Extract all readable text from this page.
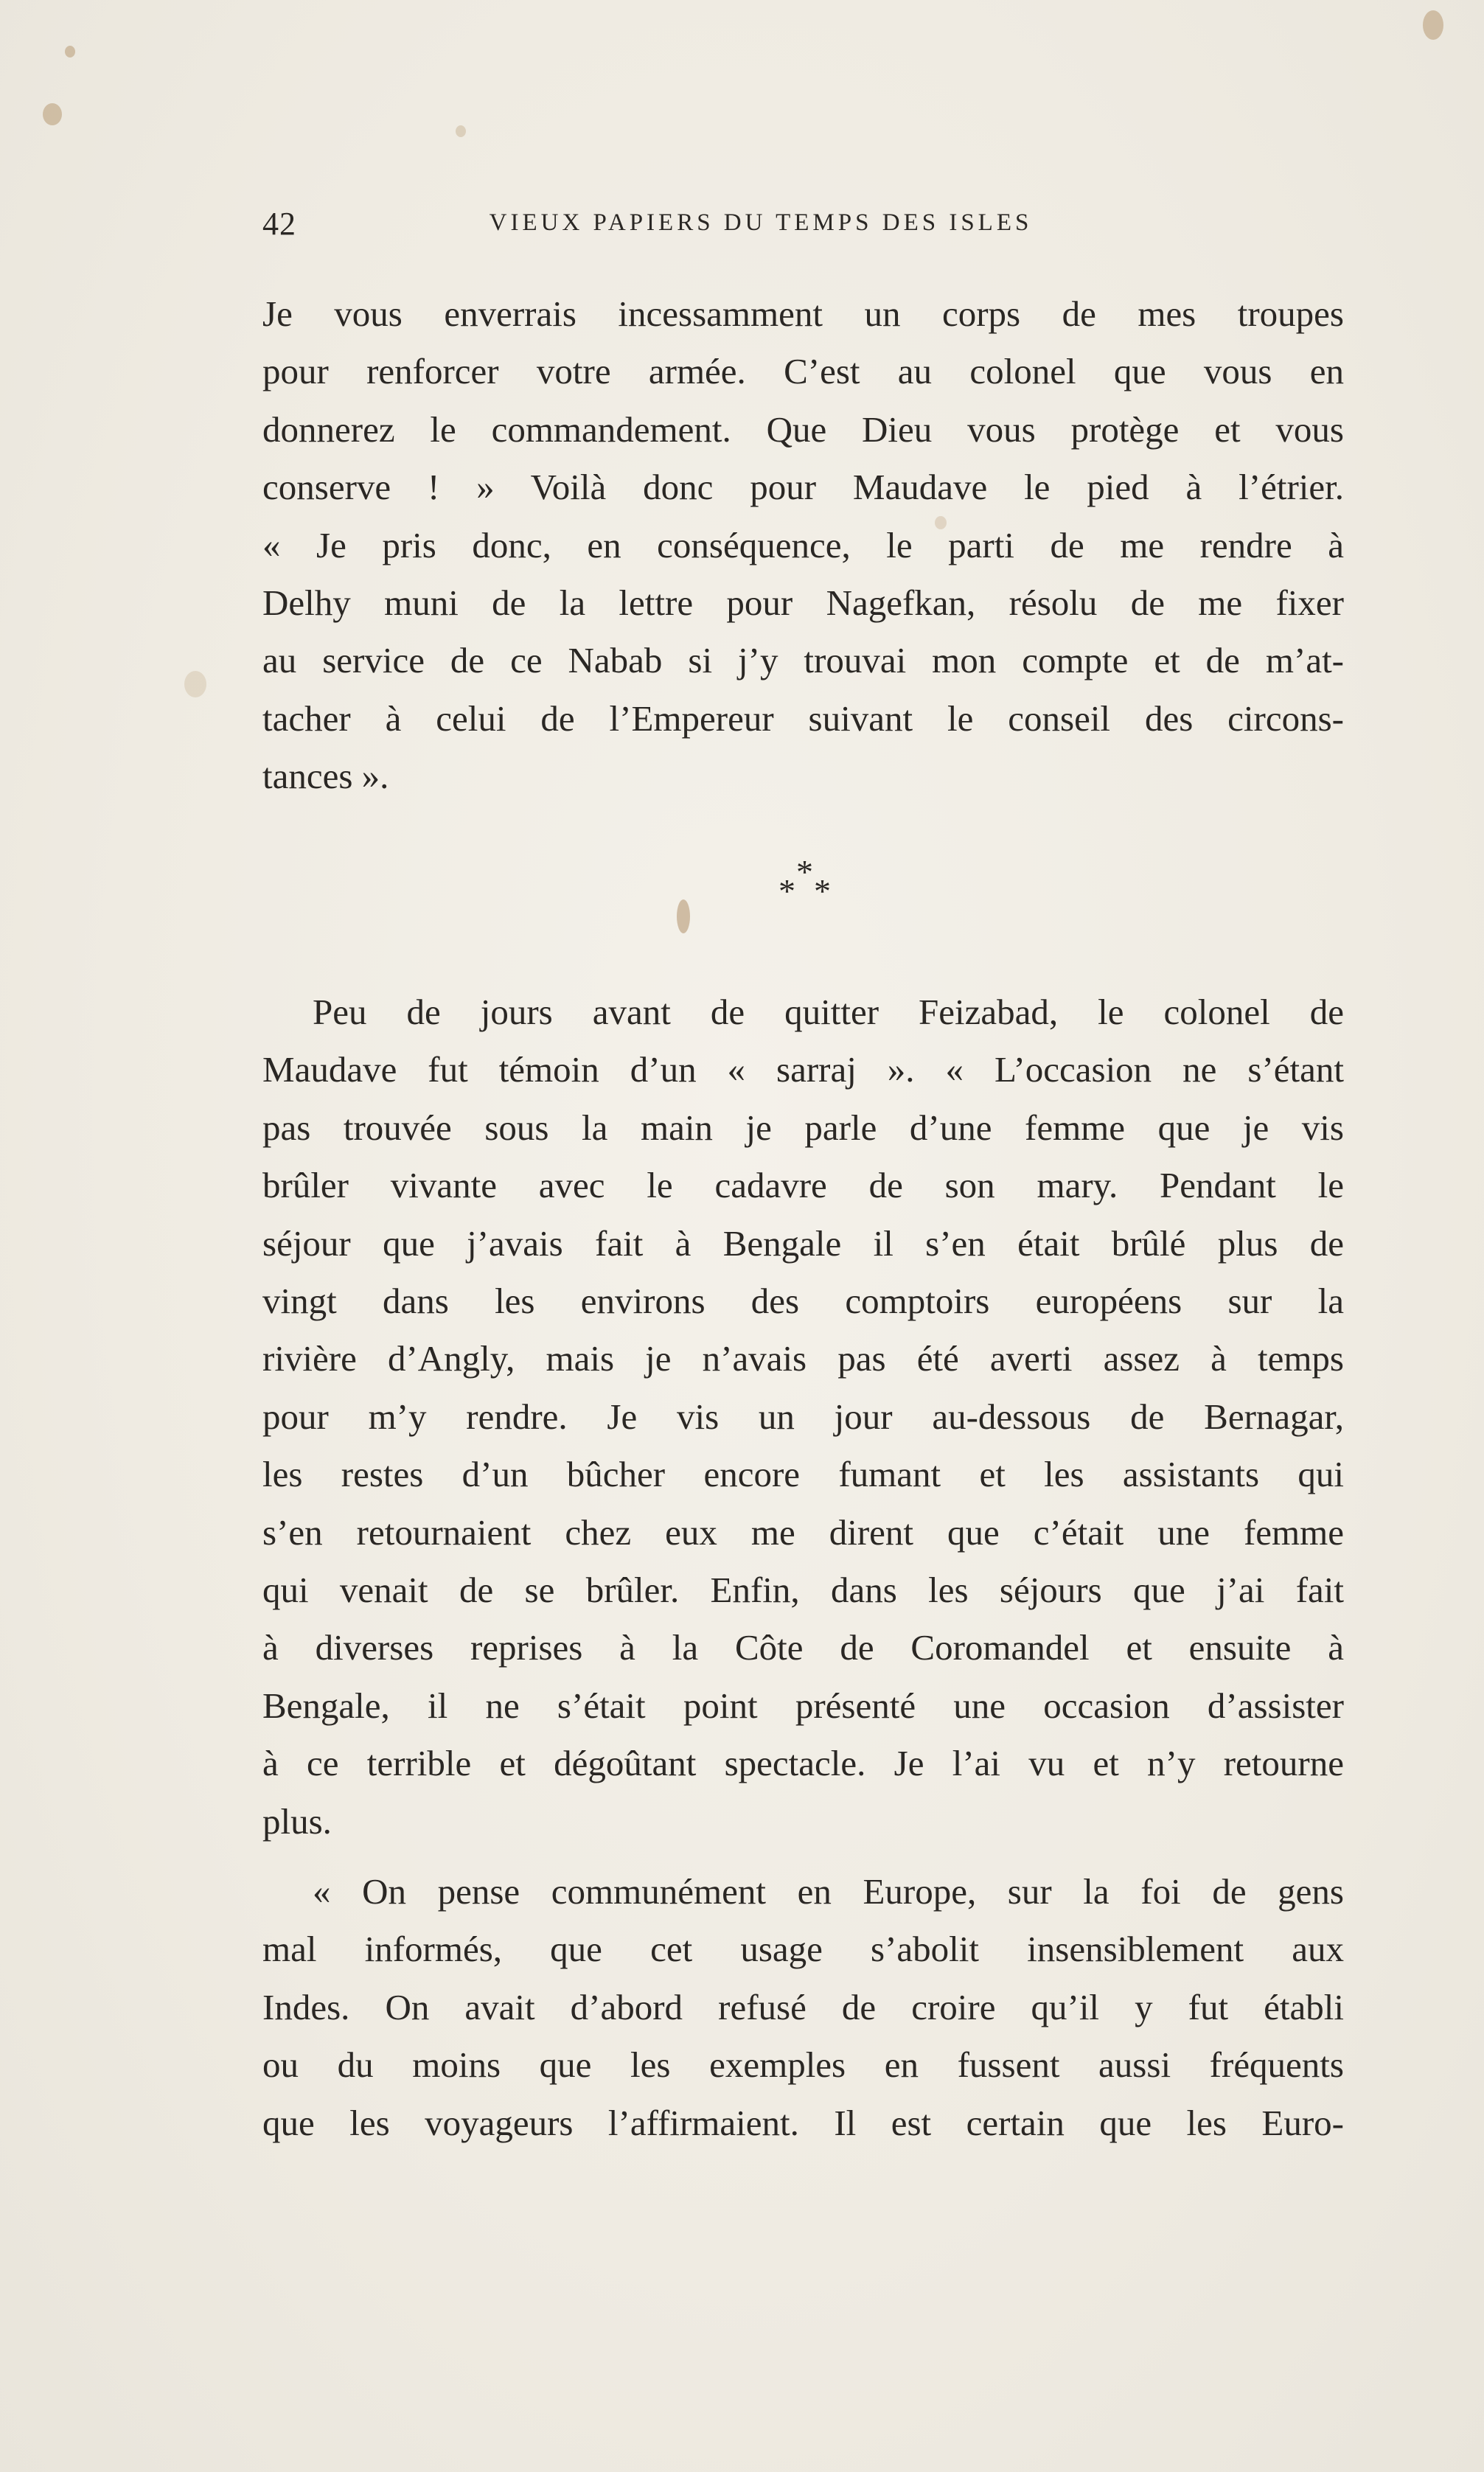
42	VIEUX PAPIERS DU TEMPS DES ISLES
Je vous enverrais incessamment un corps de mes troupes
pour renforcer votre armée. C’est au colonel que vous en
donnerez le commandement. Que Dieu vous protège et vous
conserve ! » Voilà donc pour Maudave le pied à l’étrier.
« Je pris donc, en conséquence, le parti de me rendre à
Delhy muni de la lettre pour Nagefkan, résolu de me fixer
au service de ce Nabab si j’y trouvai mon compte et de m’at-
tacher à celui de l’Empereur suivant le conseil des circons-
tances ».
*
* *
Peu de jours avant de quitter Feizabad, le colonel de
Maudave fut témoin d’un « sarraj ». « L’occasion ne s’étant
pas trouvée sous la main je parle d’une femme que je vis
brûler vivante avec le cadavre de son mary. Pendant le
séjour que j’avais fait à Bengale il s’en était brûlé plus de
vingt dans les environs des comptoirs européens sur la
rivière d’Angly, mais je n’avais pas été averti assez à temps
pour m’y rendre. Je vis un jour au-dessous de Bernagar,
les restes d’un bûcher encore fumant et les assistants qui
s’en retournaient chez eux me dirent que c’était une femme
qui venait de se brûler. Enfin, dans les séjours que j’ai fait
à diverses reprises à la Côte de Coromandel et ensuite à
Bengale, il ne s’était point présenté une occasion d’assister
à ce terrible et dégoûtant spectacle. Je l’ai vu et n’y retourne
plus.
« On pense communément en Europe, sur la foi de gens
mal informés, que cet usage s’abolit insensiblement aux
Indes. On avait d’abord refusé de croire qu’il y fut établi
ou du moins que les exemples en fussent aussi fréquents
que les voyageurs l’affirmaient. Il est certain que les Euro-
